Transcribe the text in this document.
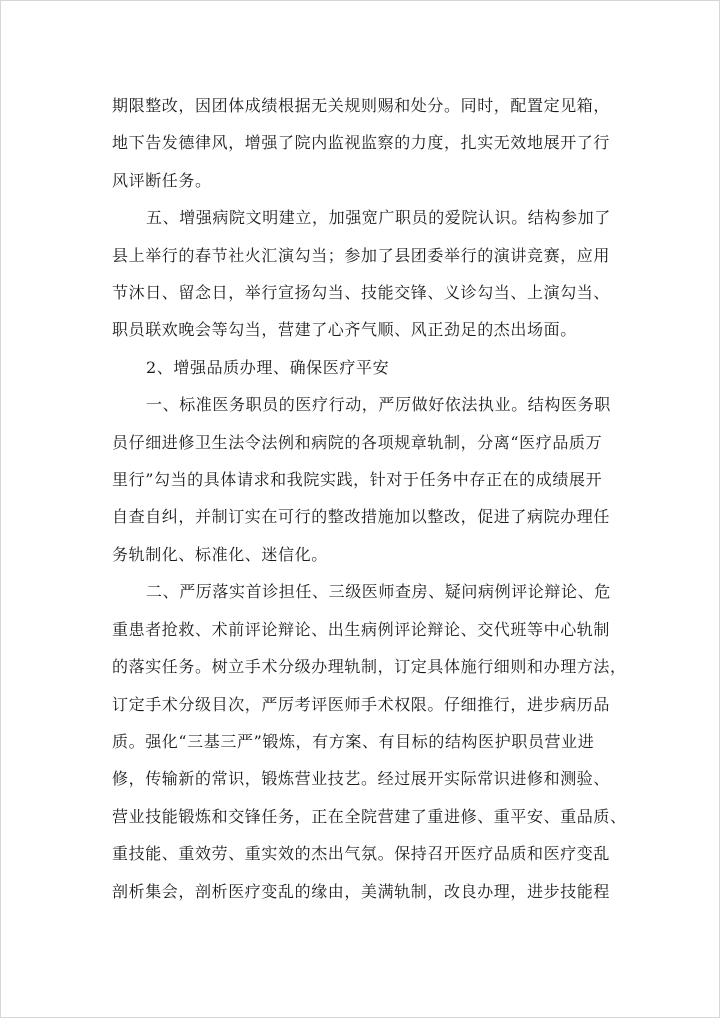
期限整改，因团体成绩根据无关规则赐和处分。同时，配置定见箱，
地下告发德律风，增强了院内监视监察的力度，扎实无效地展开了行
风评断任务。

五、增强病院文明建立，加强宽广职员的爱院认识。结构参加了
县上举行的春节社火汇演勾当；参加了县团委举行的演讲竞赛，应用
节沐日、留念日，举行宣扬勾当、技能交锋、义诊勾当、上演勾当、
职员联欢晚会等勾当，营建了心齐气顺、风正劲足的杰出场面。

2、增强品质办理、确保医疗平安

一、标准医务职员的医疗行动，严厉做好依法执业。结构医务职
员仔细进修卫生法令法例和病院的各项规章轨制，分离“医疗品质万
里行”勾当的具体请求和我院实践，针对于任务中存正在的成绩展开
自查自纠，并制订实在可行的整改措施加以整改，促进了病院办理任
务轨制化、标准化、迷信化。

二、严厉落实首诊担任、三级医师查房、疑问病例评论辩论、危
重患者抢救、术前评论辩论、出生病例评论辩论、交代班等中心轨制
的落实任务。树立手术分级办理轨制，订定具体施行细则和办理方法，
订定手术分级目次，严厉考评医师手术权限。仔细推行，进步病历品
质。强化“三基三严”锻炼，有方案、有目标的结构医护职员营业进
修，传输新的常识，锻炼营业技艺。经过展开实际常识进修和测验、
营业技能锻炼和交锋任务，正在全院营建了重进修、重平安、重品质、
重技能、重效劳、重实效的杰出气氛。保持召开医疗品质和医疗变乱
剖析集会，剖析医疗变乱的缘由，美满轨制，改良办理，进步技能程
